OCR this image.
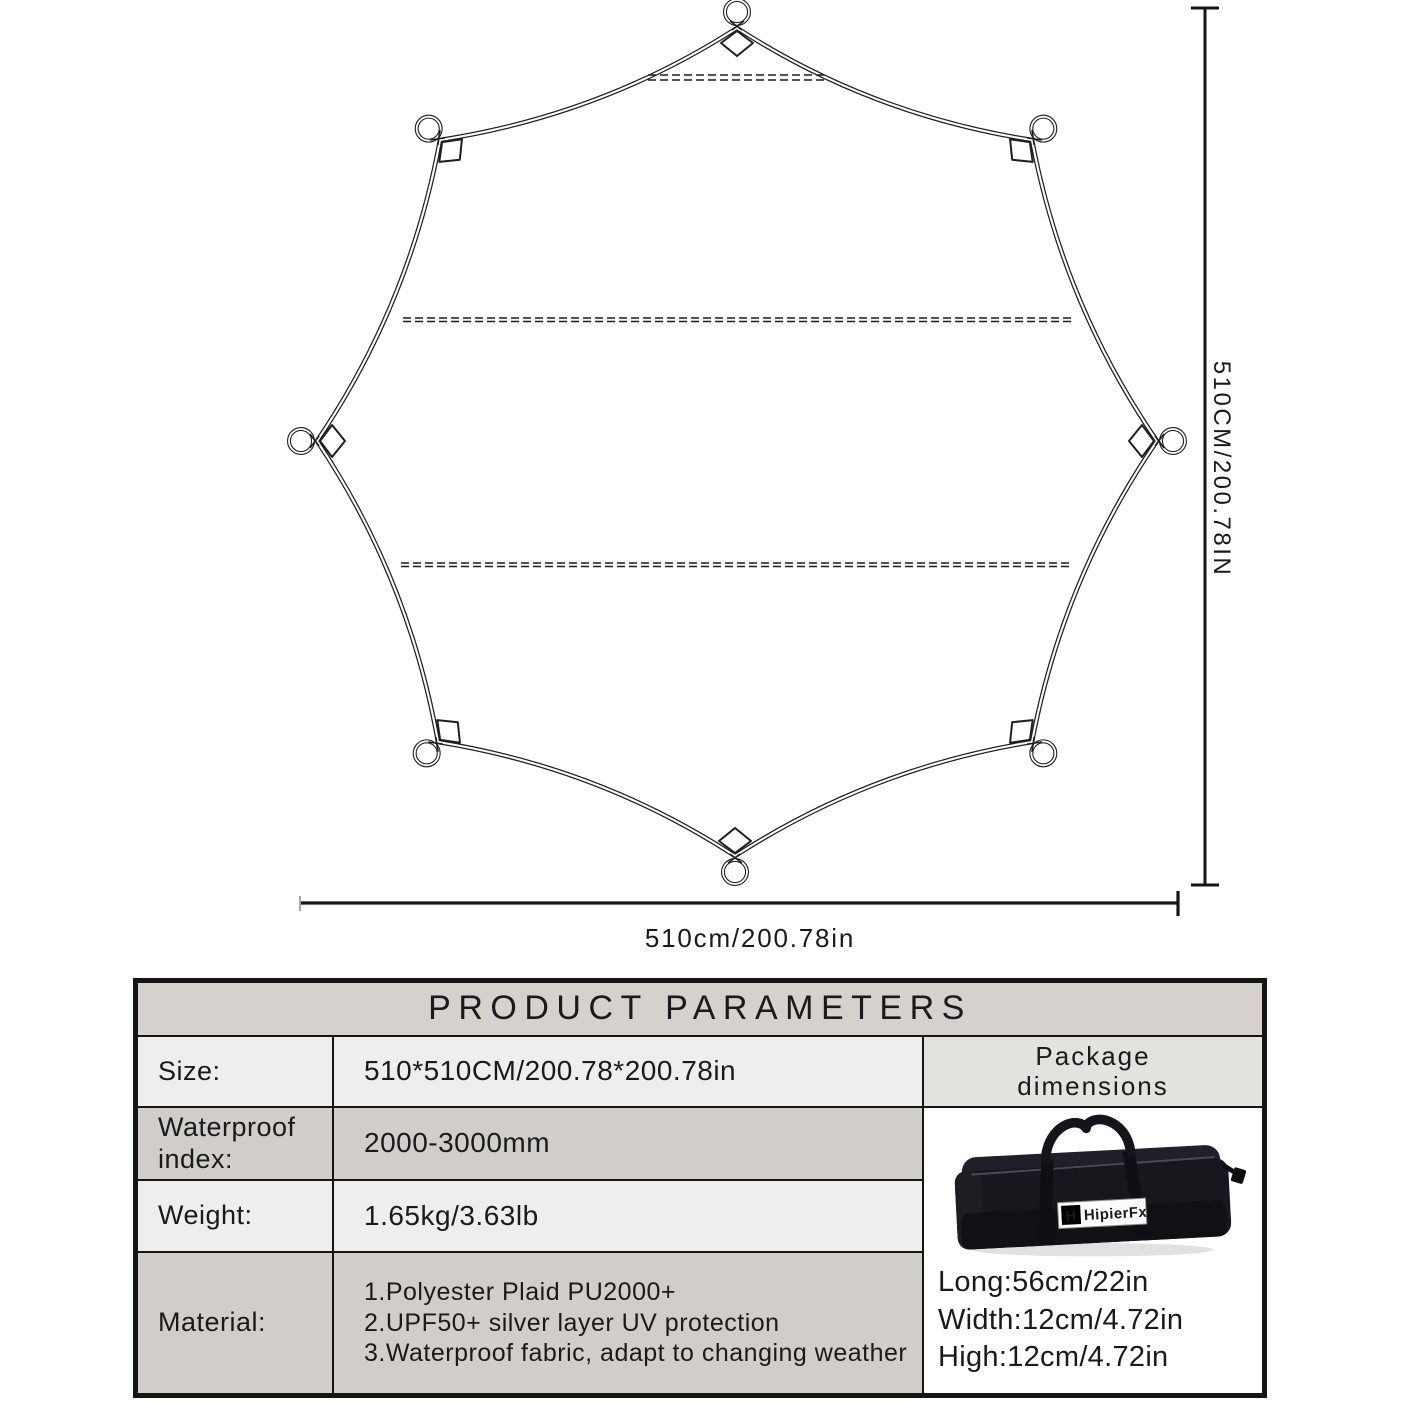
510CM/200.78IN
510cm/200.78in
PRODUCT PARAMETERS
Size:	510*510CM/200.78*200.78in
Waterproof index:
2000-3000mm
Weight:	1.65kg/3.63lb
Material:
1.Polyester Plaid PU2000+
2.UPF50+ silver layer UV protection
3.Waterproof fabric, adapt to changing weather
Package dimensions
H HipierFx
Long:56cm/22in
Width:12cm/4.72in
High:12cm/4.72in
